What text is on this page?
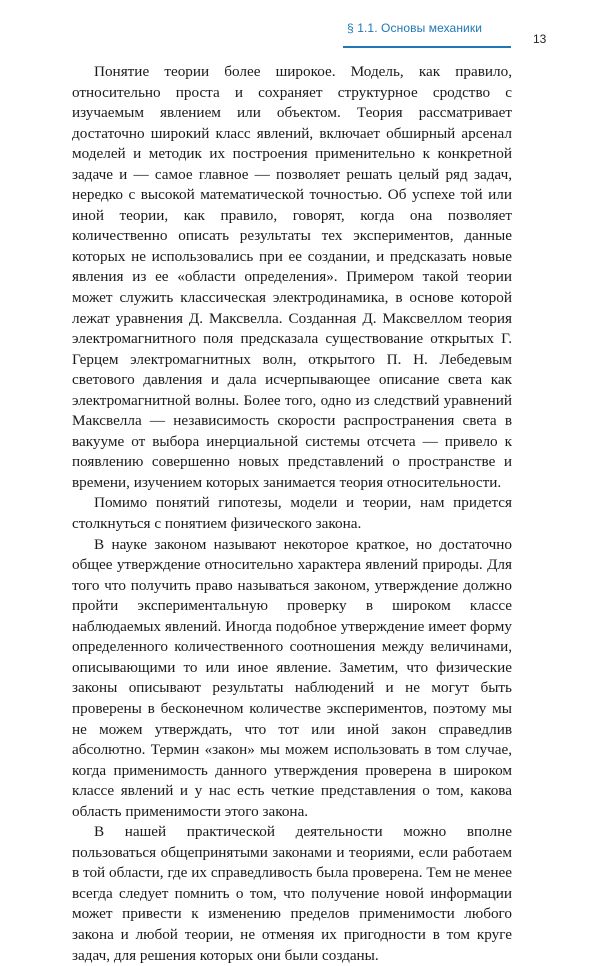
§ 1.1. Основы механики
13

Понятие теории более широкое. Модель, как правило, относительно проста и сохраняет структурное сродство с изучаемым явлением или объектом. Теория рассматривает достаточно широкий класс явлений, включает обширный арсенал моделей и методик их построения применительно к конкретной задаче и — самое главное — позволяет решать целый ряд задач, нередко с высокой математической точностью. Об успехе той или иной теории, как правило, говорят, когда она позволяет количественно описать результаты тех экспериментов, данные которых не использовались при ее создании, и предсказать новые явления из ее «области определения». Примером такой теории может служить классическая электродинамика, в основе которой лежат уравнения Д. Максвелла. Созданная Д. Максвеллом теория электромагнитного поля предсказала существование открытых Г. Герцем электромагнитных волн, открытого П. Н. Лебедевым светового давления и дала исчерпывающее описание света как электромагнитной волны. Более того, одно из следствий уравнений Максвелла — независимость скорости распространения света в вакууме от выбора инерциальной системы отсчета — привело к появлению совершенно новых представлений о пространстве и времени, изучением которых занимается теория относительности.

Помимо понятий гипотезы, модели и теории, нам придется столкнуться с понятием физического закона.

В науке законом называют некоторое краткое, но достаточно общее утверждение относительно характера явлений природы. Для того что получить право называться законом, утверждение должно пройти экспериментальную проверку в широком классе наблюдаемых явлений. Иногда подобное утверждение имеет форму определенного количественного соотношения между величинами, описывающими то или иное явление. Заметим, что физические законы описывают результаты наблюдений и не могут быть проверены в бесконечном количестве экспериментов, поэтому мы не можем утверждать, что тот или иной закон справедлив абсолютно. Термин «закон» мы можем использовать в том случае, когда применимость данного утверждения проверена в широком классе явлений и у нас есть четкие представления о том, какова область применимости этого закона.

В нашей практической деятельности можно вполне пользоваться общепринятыми законами и теориями, если работаем в той области, где их справедливость была проверена. Тем не менее всегда следует помнить о том, что получение новой информации может привести к изменению пределов применимости любого закона и любой теории, не отменяя их пригодности в том круге задач, для решения которых они были созданы.
